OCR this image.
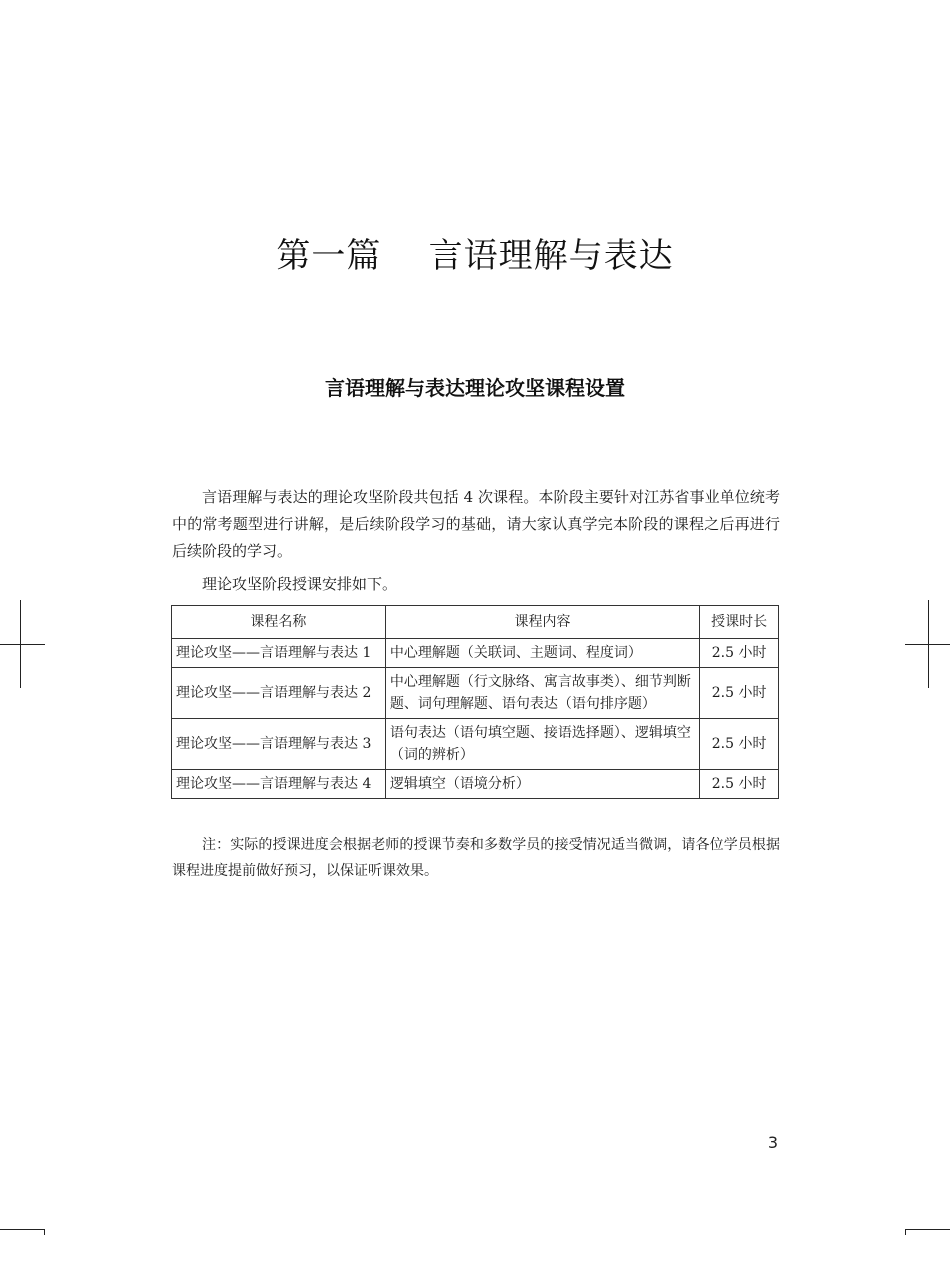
第一篇    言语理解与表达
言语理解与表达理论攻坚课程设置

言语理解与表达的理论攻坚阶段共包括 4 次课程。本阶段主要针对江苏省事业单位统考中的常考题型进行讲解，是后续阶段学习的基础，请大家认真学完本阶段的课程之后再进行后续阶段的学习。

理论攻坚阶段授课安排如下。

课程名称	课程内容	授课时长
理论攻坚——言语理解与表达 1	中心理解题（关联词、主题词、程度词）	2.5 小时
理论攻坚——言语理解与表达 2	中心理解题（行文脉络、寓言故事类）、细节判断题、词句理解题、语句表达（语句排序题）	2.5 小时
理论攻坚——言语理解与表达 3	语句表达（语句填空题、接语选择题）、逻辑填空（词的辨析）	2.5 小时
理论攻坚——言语理解与表达 4	逻辑填空（语境分析）	2.5 小时

注：实际的授课进度会根据老师的授课节奏和多数学员的接受情况适当微调，请各位学员根据课程进度提前做好预习，以保证听课效果。

3
